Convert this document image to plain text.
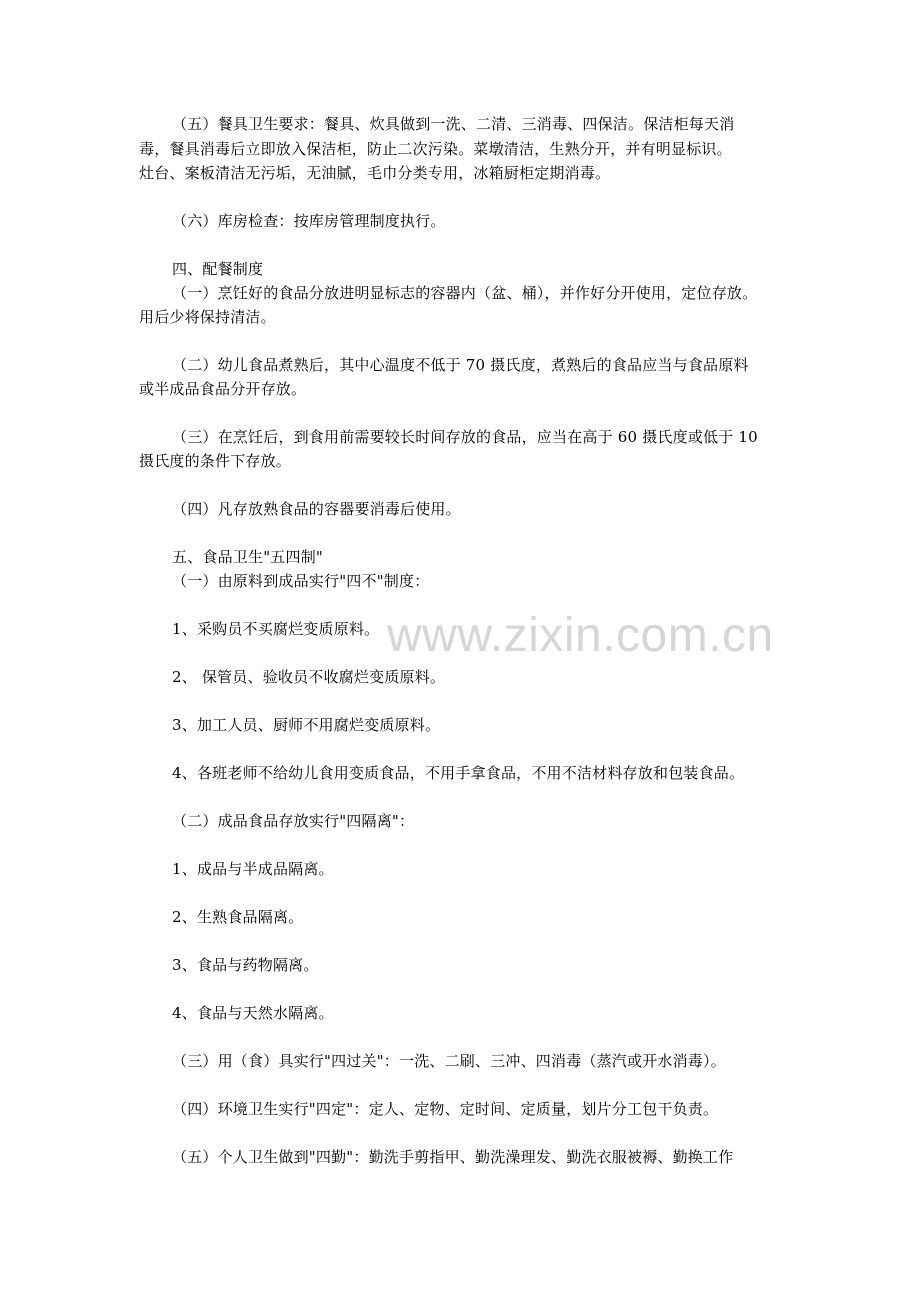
www.zixin.com.cn
（五）餐具卫生要求：餐具、炊具做到一洗、二清、三消毒、四保洁。保洁柜每天消
毒，餐具消毒后立即放入保洁柜，防止二次污染。菜墩清洁，生熟分开，并有明显标识。
灶台、案板清洁无污垢，无油腻，毛巾分类专用，冰箱厨柜定期消毒。
（六）库房检查：按库房管理制度执行。
四、配餐制度
（一）烹饪好的食品分放进明显标志的容器内（盆、桶），并作好分开使用，定位存放。
用后少将保持清洁。
（二）幼儿食品煮熟后，其中心温度不低于 70 摄氏度，煮熟后的食品应当与食品原料
或半成品食品分开存放。
（三）在烹饪后，到食用前需要较长时间存放的食品，应当在高于 60 摄氏度或低于 10
摄氏度的条件下存放。
（四）凡存放熟食品的容器要消毒后使用。
五、食品卫生"五四制"
（一）由原料到成品实行"四不"制度：
1、采购员不买腐烂变质原料。
2、 保管员、验收员不收腐烂变质原料。
3、加工人员、厨师不用腐烂变质原料。
4、各班老师不给幼儿食用变质食品，不用手拿食品，不用不洁材料存放和包装食品。
（二）成品食品存放实行"四隔离"：
1、成品与半成品隔离。
2、生熟食品隔离。
3、食品与药物隔离。
4、食品与天然水隔离。
（三）用（食）具实行"四过关"：一洗、二刷、三冲、四消毒（蒸汽或开水消毒）。
（四）环境卫生实行"四定"：定人、定物、定时间、定质量，划片分工包干负责。
（五）个人卫生做到"四勤"：勤洗手剪指甲、勤洗澡理发、勤洗衣服被褥、勤换工作
